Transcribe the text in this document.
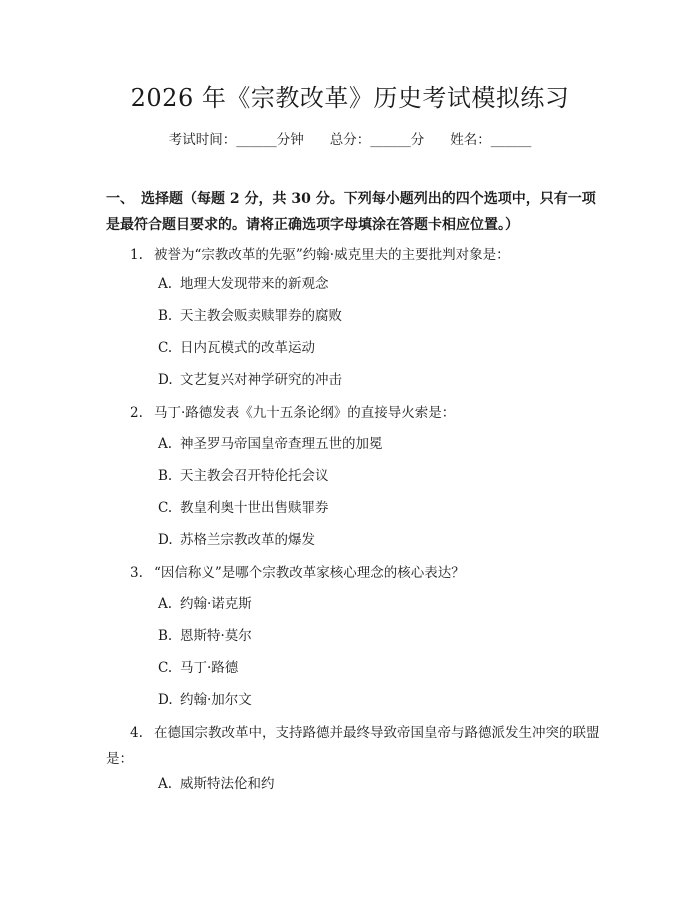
2026 年《宗教改革》历史考试模拟练习
考试时间：______分钟 总分：______分 姓名：______
一、　选择题（每题 2 分，共 30 分。下列每小题列出的四个选项中，只有一项是最符合题目要求的。请将正确选项字母填涂在答题卡相应位置。）
1. 被誉为“宗教改革的先驱”约翰·威克里夫的主要批判对象是：
A. 地理大发现带来的新观念
B. 天主教会贩卖赎罪券的腐败
C. 日内瓦模式的改革运动
D. 文艺复兴对神学研究的冲击
2. 马丁·路德发表《九十五条论纲》的直接导火索是：
A. 神圣罗马帝国皇帝查理五世的加冕
B. 天主教会召开特伦托会议
C. 教皇利奥十世出售赎罪券
D. 苏格兰宗教改革的爆发
3. “因信称义”是哪个宗教改革家核心理念的核心表达？
A. 约翰·诺克斯
B. 恩斯特·莫尔
C. 马丁·路德
D. 约翰·加尔文
4. 在德国宗教改革中，支持路德并最终导致帝国皇帝与路德派发生冲突的联盟是：
A. 威斯特法伦和约
